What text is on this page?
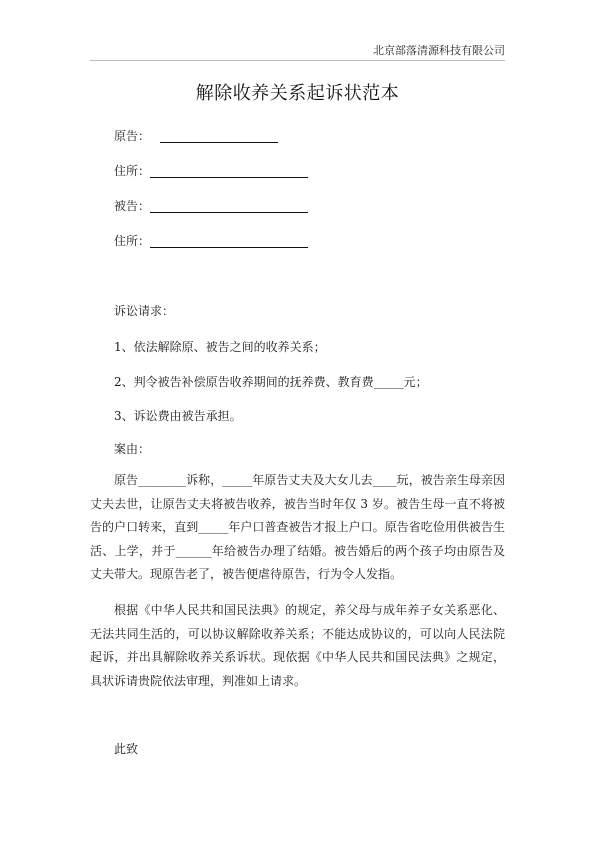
北京部落清源科技有限公司
解除收养关系起诉状范本
原告：
住所：
被告：
住所：
诉讼请求：
1、依法解除原、被告之间的收养关系；
2、判令被告补偿原告收养期间的抚养费、教育费_____元；
3、诉讼费由被告承担。
案由：
原告________诉称，_____年原告丈夫及大女儿去____玩，被告亲生母亲因丈夫去世，让原告丈夫将被告收养，被告当时年仅 3 岁。被告生母一直不将被告的户口转来，直到_____年户口普查被告才报上户口。原告省吃俭用供被告生活、上学，并于______年给被告办理了结婚。被告婚后的两个孩子均由原告及丈夫带大。现原告老了，被告便虐待原告，行为令人发指。
根据《中华人民共和国民法典》的规定，养父母与成年养子女关系恶化、无法共同生活的，可以协议解除收养关系；不能达成协议的，可以向人民法院起诉，并出具解除收养关系诉状。现依据《中华人民共和国民法典》之规定，具状诉请贵院依法审理，判准如上请求。
此致
